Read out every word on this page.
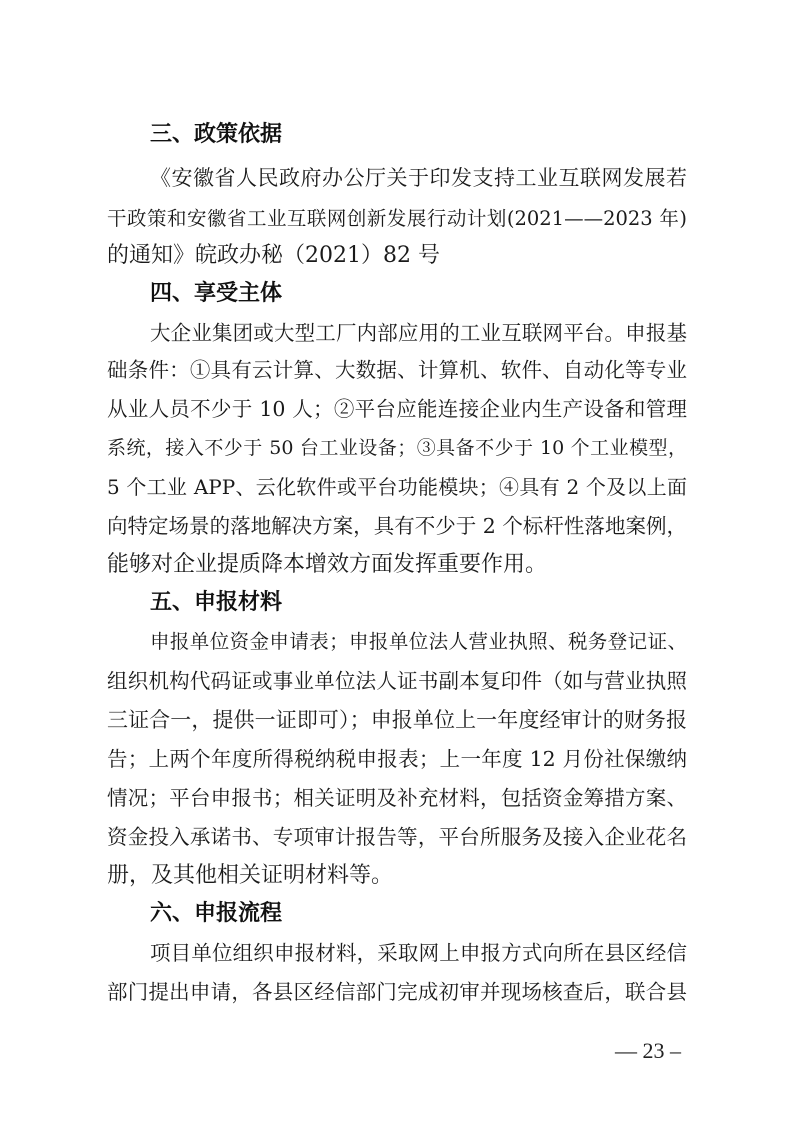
三、政策依据
《安徽省人民政府办公厅关于印发支持工业互联网发展若
干政策和安徽省工业互联网创新发展行动计划(2021——2023 年)
的通知》皖政办秘（2021）82 号
四、享受主体
大企业集团或大型工厂内部应用的工业互联网平台。申报基
础条件：①具有云计算、大数据、计算机、软件、自动化等专业
从业人员不少于 10 人；②平台应能连接企业内生产设备和管理
系统，接入不少于 50 台工业设备；③具备不少于 10 个工业模型，
5 个工业 APP、云化软件或平台功能模块；④具有 2 个及以上面
向特定场景的落地解决方案，具有不少于 2 个标杆性落地案例，
能够对企业提质降本增效方面发挥重要作用。
五、申报材料
申报单位资金申请表；申报单位法人营业执照、税务登记证、
组织机构代码证或事业单位法人证书副本复印件（如与营业执照
三证合一，提供一证即可）；申报单位上一年度经审计的财务报
告；上两个年度所得税纳税申报表；上一年度 12 月份社保缴纳
情况；平台申报书；相关证明及补充材料，包括资金筹措方案、
资金投入承诺书、专项审计报告等，平台所服务及接入企业花名
册，及其他相关证明材料等。
六、申报流程
项目单位组织申报材料，采取网上申报方式向所在县区经信
部门提出申请，各县区经信部门完成初审并现场核查后，联合县
— 23 –
